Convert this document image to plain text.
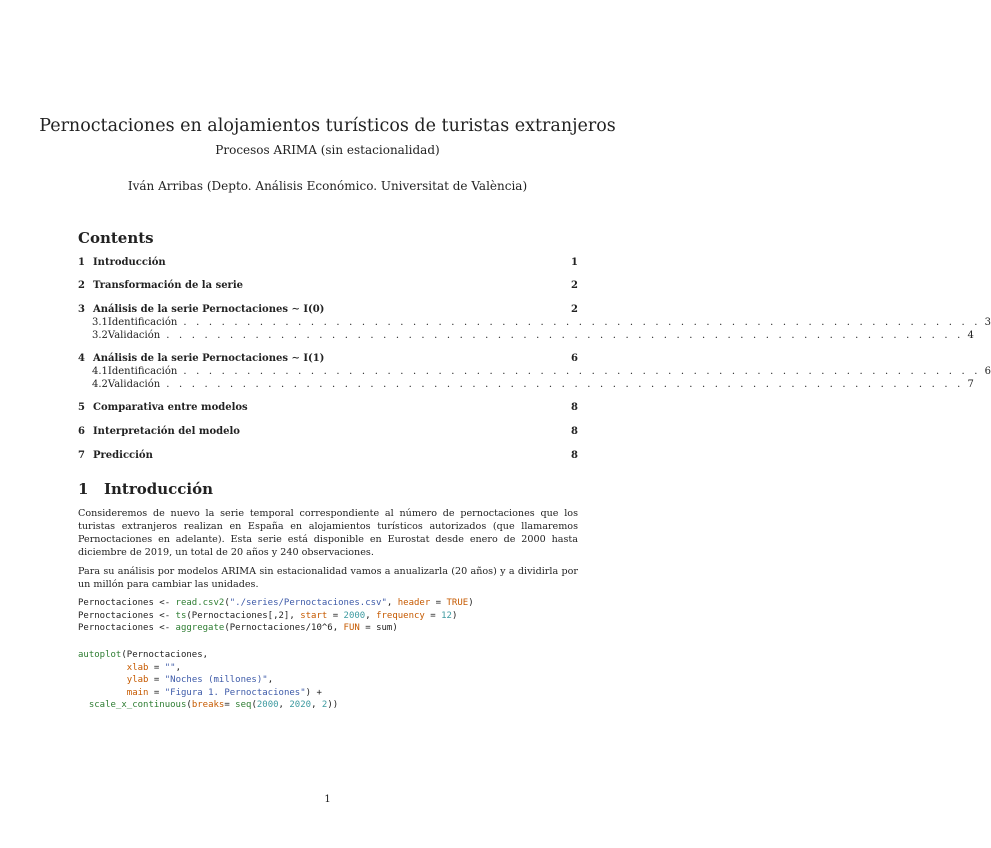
Pernoctaciones en alojamientos turísticos de turistas extranjeros
Procesos ARIMA (sin estacionalidad)
Iván Arribas (Depto. Análisis Económico. Universitat de València)
Contents
1 Introducción	1
2 Transformación de la serie	2
3 Análisis de la serie Pernoctaciones ∼ I(0)	2
3.1 Identificación . . . . . . . . . . . . . . . . . . . . . . . . . . . . . . . . . . . . . . . . . . . . . . . . . . . . . . . . . . . . . . . 3
3.2 Validación . . . . . . . . . . . . . . . . . . . . . . . . . . . . . . . . . . . . . . . . . . . . . . . . . . . . . . . . . . . . . . . 4
4 Análisis de la serie Pernoctaciones ∼ I(1)	6
4.1 Identificación . . . . . . . . . . . . . . . . . . . . . . . . . . . . . . . . . . . . . . . . . . . . . . . . . . . . . . . . . . . . . . . 6
4.2 Validación . . . . . . . . . . . . . . . . . . . . . . . . . . . . . . . . . . . . . . . . . . . . . . . . . . . . . . . . . . . . . . . 7
5 Comparativa entre modelos	8
6 Interpretación del modelo	8
7 Predicción	8
1 Introducción
Consideremos de nuevo la serie temporal correspondiente al número de pernoctaciones que los turistas extranjeros realizan en España en alojamientos turísticos autorizados (que llamaremos Pernoctaciones en adelante). Esta serie está disponible en Eurostat desde enero de 2000 hasta diciembre de 2019, un total de 20 años y 240 observaciones.
Para su análisis por modelos ARIMA sin estacionalidad vamos a anualizarla (20 años) y a dividirla por un millón para cambiar las unidades.
Pernoctaciones <- read.csv2("./series/Pernoctaciones.csv", header = TRUE)
Pernoctaciones <- ts(Pernoctaciones[,2], start = 2000, frequency = 12)
Pernoctaciones <- aggregate(Pernoctaciones/10^6, FUN = sum)
autoplot(Pernoctaciones,
xlab = "",
ylab = "Noches (millones)",
main = "Figura 1. Pernoctaciones") +
scale_x_continuous(breaks= seq(2000, 2020, 2))
1
